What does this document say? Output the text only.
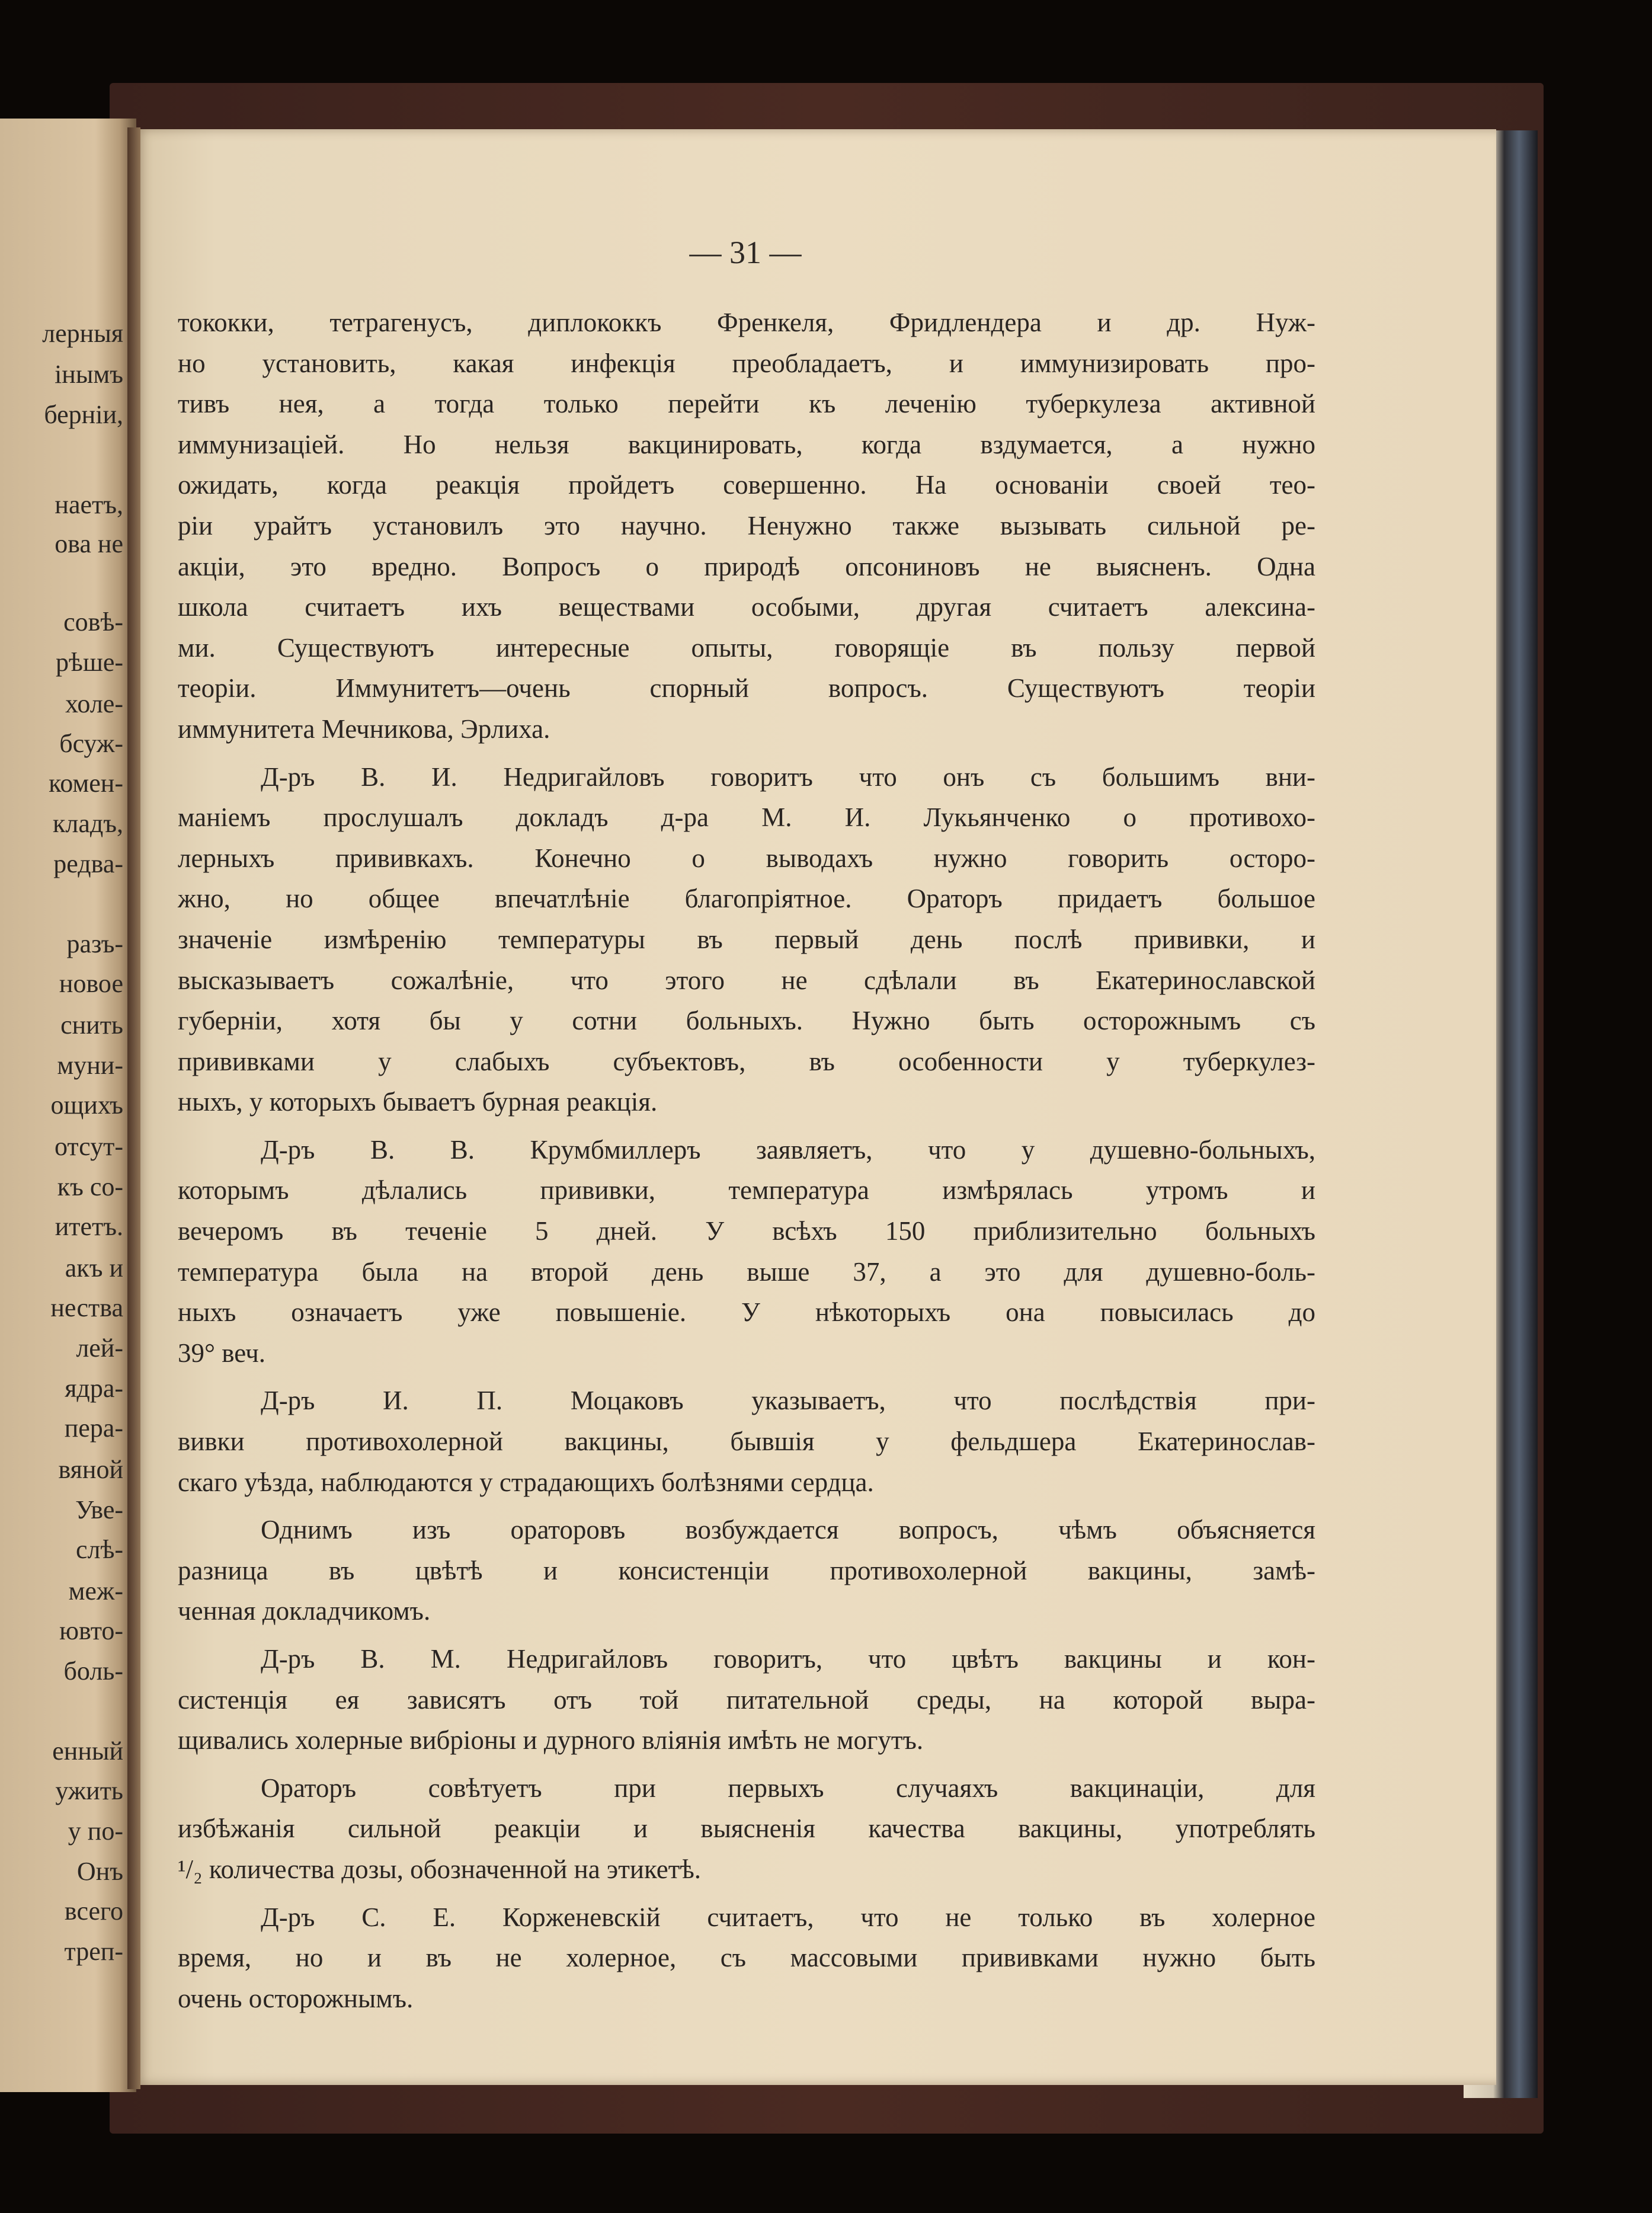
лерныя

інымъ

берніи,

наетъ,

ова не

совѣ-

рѣше-

холе-

бсуж-

комен-

кладъ,

редва-

разъ-

новое

снить

муни-

ощихъ

отсут-

къ со-

итетъ.

акъ и

нества

лей-

ядра-

пера-

вяной

Уве-

слѣ-

меж-

ювто-

боль-

енный

ужить

у по-

Онъ

всего

треп-

— 31 —

тококки, тетрагенусъ, диплококкъ Френкеля, Фридлендера и др. Нуж-

но установить, какая инфекція преобладаетъ, и иммунизировать про-

тивъ нея, а тогда только перейти къ леченію туберкулеза активной

иммунизаціей. Но нельзя вакцинировать, когда вздумается, а нужно

ожидать, когда реакція пройдетъ совершенно. На основаніи своей тео-

ріи урайтъ установилъ это научно. Ненужно также вызывать сильной ре-

акціи, это вредно. Вопросъ о природѣ опсониновъ не выясненъ. Одна

школа считаетъ ихъ веществами особыми, другая считаетъ алексина-

ми. Существуютъ интересные опыты, говорящіе въ пользу первой

теоріи. Иммунитетъ—очень спорный вопросъ. Существуютъ теоріи

иммунитета Мечникова, Эрлиха.

Д-ръ В. И. Недригайловъ говоритъ что онъ съ большимъ вни-

маніемъ прослушалъ докладъ д-ра М. И. Лукьянченко о противохо-

лерныхъ прививкахъ. Конечно о выводахъ нужно говорить осторо-

жно, но общее впечатлѣніе благопріятное. Ораторъ придаетъ большое

значеніе измѣренію температуры въ первый день послѣ прививки, и

высказываетъ сожалѣніе, что этого не сдѣлали въ Екатеринославской

губерніи, хотя бы у сотни больныхъ. Нужно быть осторожнымъ съ

прививками у слабыхъ субъектовъ, въ особенности у туберкулез-

ныхъ, у которыхъ бываетъ бурная реакція.

Д-ръ В. В. Крумбмиллеръ заявляетъ, что у душевно-больныхъ,

которымъ дѣлались прививки, температура измѣрялась утромъ и

вечеромъ въ теченіе 5 дней. У всѣхъ 150 приблизительно больныхъ

температура была на второй день выше 37, а это для душевно-боль-

ныхъ означаетъ уже повышеніе. У нѣкоторыхъ она повысилась до

39° веч.

Д-ръ И. П. Моцаковъ указываетъ, что послѣдствія при-

вивки противохолерной вакцины, бывшія у фельдшера Екатеринослав-

скаго уѣзда, наблюдаются у страдающихъ болѣзнями сердца.

Однимъ изъ ораторовъ возбуждается вопросъ, чѣмъ объясняется

разница въ цвѣтѣ и консистенціи противохолерной вакцины, замѣ-

ченная докладчикомъ.

Д-ръ В. М. Недригайловъ говоритъ, что цвѣтъ вакцины и кон-

систенція ея зависятъ отъ той питательной среды, на которой выра-

щивались холерные вибріоны и дурного вліянія имѣть не могутъ.

Ораторъ совѣтуетъ при первыхъ случаяхъ вакцинаціи, для

избѣжанія сильной реакціи и выясненія качества вакцины, употреблять

¹/₂ количества дозы, обозначенной на этикетѣ.

Д-ръ С. Е. Корженевскій считаетъ, что не только въ холерное

время, но и въ не холерное, съ массовыми прививками нужно быть

очень осторожнымъ.
